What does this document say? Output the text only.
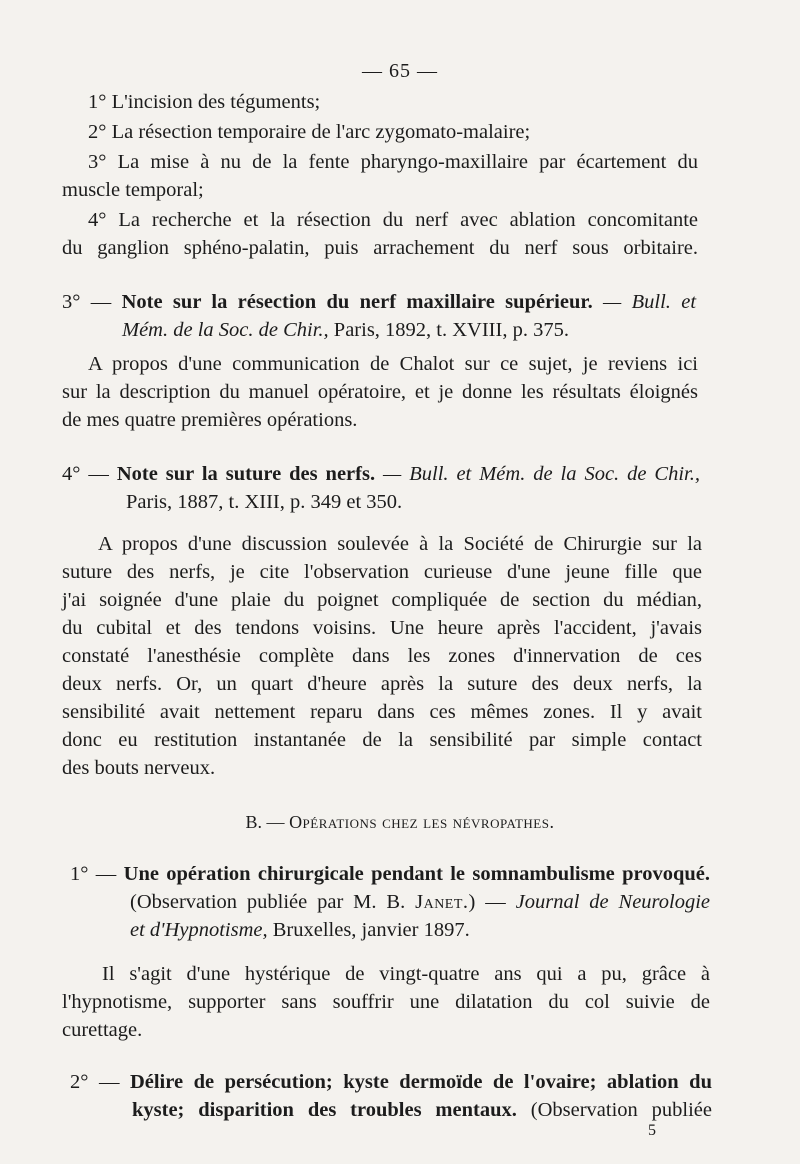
— 65 —
1° L'incision des téguments;
2° La résection temporaire de l'arc zygomato-malaire;
3° La mise à nu de la fente pharyngo-maxillaire par écartement du
muscle temporal;
4° La recherche et la résection du nerf avec ablation concomitante
du ganglion sphéno-palatin, puis arrachement du nerf sous orbitaire.
3° — Note sur la résection du nerf maxillaire supérieur. — Bull. et
Mém. de la Soc. de Chir., Paris, 1892, t. XVIII, p. 375.
A propos d'une communication de Chalot sur ce sujet, je reviens ici
sur la description du manuel opératoire, et je donne les résultats éloignés
de mes quatre premières opérations.
4° — Note sur la suture des nerfs. — Bull. et Mém. de la Soc. de Chir.,
Paris, 1887, t. XIII, p. 349 et 350.
A propos d'une discussion soulevée à la Société de Chirurgie sur la
suture des nerfs, je cite l'observation curieuse d'une jeune fille que
j'ai soignée d'une plaie du poignet compliquée de section du médian,
du cubital et des tendons voisins. Une heure après l'accident, j'avais
constaté l'anesthésie complète dans les zones d'innervation de ces
deux nerfs. Or, un quart d'heure après la suture des deux nerfs, la
sensibilité avait nettement reparu dans ces mêmes zones. Il y avait
donc eu restitution instantanée de la sensibilité par simple contact
des bouts nerveux.
B. — Opérations chez les névropathes.
1° — Une opération chirurgicale pendant le somnambulisme provoqué.
(Observation publiée par M. B. Janet.) — Journal de Neurologie
et d'Hypnotisme, Bruxelles, janvier 1897.
Il s'agit d'une hystérique de vingt-quatre ans qui a pu, grâce à
l'hypnotisme, supporter sans souffrir une dilatation du col suivie de
curettage.
2° — Délire de persécution; kyste dermoïde de l'ovaire; ablation du
kyste; disparition des troubles mentaux. (Observation publiée
5
